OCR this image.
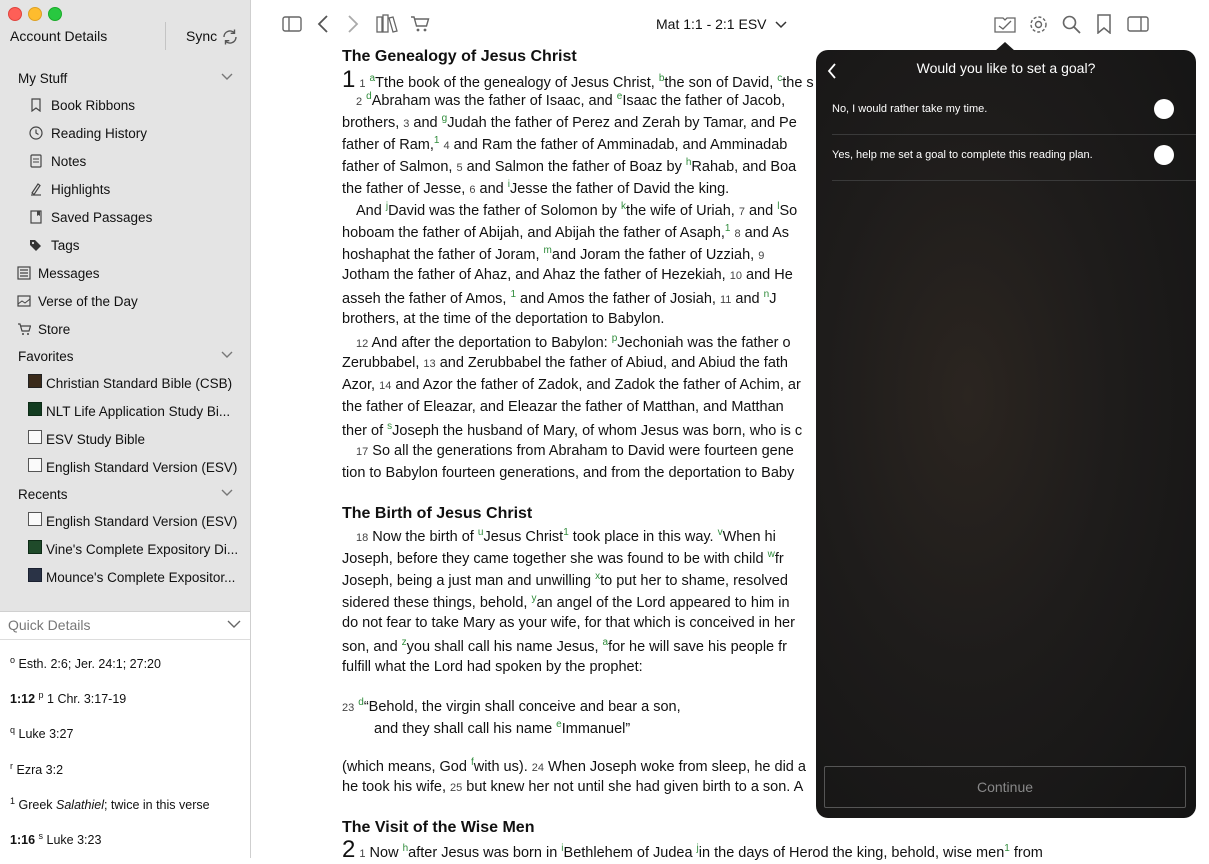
Account Details	Sync
My Stuff
Book Ribbons
Reading History
Notes
Highlights
Saved Passages
Tags
Messages
Verse of the Day
Store
Favorites
Christian Standard Bible (CSB)
NLT Life Application Study Bi...
ESV Study Bible
English Standard Version (ESV)
Recents
English Standard Version (ESV)
Vine's Complete Expository Di...
Mounce's Complete Expositor...
Quick Details
$^o$ Esth. 2:6; Jer. 24:1; 27:20
1:12 $^p$ 1 Chr. 3:17-19
$^q$ Luke 3:27
$^r$ Ezra 3:2
$^1$ Greek Salathiel; twice in this verse
1:16 $^s$ Luke 3:23
Mat 1:1 - 2:1 ESV
The Genealogy of Jesus Christ
1 1 $^a$Tthe book of the genealogy of Jesus Christ, $^b$the son of David, $^c$the s
2 $^d$Abraham was the father of Isaac, and $^e$Isaac the father of Jacob,
brothers, 3 and $^g$Judah the father of Perez and Zerah by Tamar, and Pe
father of Ram,$^1$ 4 and Ram the father of Amminadab, and Amminadab
father of Salmon, 5 and Salmon the father of Boaz by $^h$Rahab, and Boa
the father of Jesse, 6 and $^i$Jesse the father of David the king.
And $^j$David was the father of Solomon by $^k$the wife of Uriah, 7 and $^l$So
hoboam the father of Abijah, and Abijah the father of Asaph,$^1$ 8 and As
hoshaphat the father of Joram, $^m$and Joram the father of Uzziah, 9
Jotham the father of Ahaz, and Ahaz the father of Hezekiah, 10 and He
asseh the father of Amos, $^1$ and Amos the father of Josiah, 11 and $^n$J
brothers, at the time of the deportation to Babylon.
12 And after the deportation to Babylon: $^p$Jechoniah was the father o
Zerubbabel, 13 and Zerubbabel the father of Abiud, and Abiud the fath
Azor, 14 and Azor the father of Zadok, and Zadok the father of Achim, ar
the father of Eleazar, and Eleazar the father of Matthan, and Matthan
ther of $^s$Joseph the husband of Mary, of whom Jesus was born, who is c
17 So all the generations from Abraham to David were fourteen gene
tion to Babylon fourteen generations, and from the deportation to Baby
The Birth of Jesus Christ
18 Now the birth of $^u$Jesus Christ$^1$ took place in this way. $^v$When hi
Joseph, before they came together she was found to be with child $^w$fr
Joseph, being a just man and unwilling $^x$to put her to shame, resolved
sidered these things, behold, $^y$an angel of the Lord appeared to him in
do not fear to take Mary as your wife, for that which is conceived in her
son, and $^z$you shall call his name Jesus, $^a$for he will save his people fr
fulfill what the Lord had spoken by the prophet:
23 $^d$“Behold, the virgin shall conceive and bear a son,
and they shall call his name $^e$Immanuel”
(which means, God $^f$with us). 24 When Joseph woke from sleep, he did a
he took his wife, 25 but knew her not until she had given birth to a son. A
The Visit of the Wise Men
2 1 Now $^h$after Jesus was born in $^i$Bethlehem of Judea $^j$in the days of Herod the king, behold, wise men$^1$ from
Would you like to set a goal?
No, I would rather take my time.
Yes, help me set a goal to complete this reading plan.
Continue
